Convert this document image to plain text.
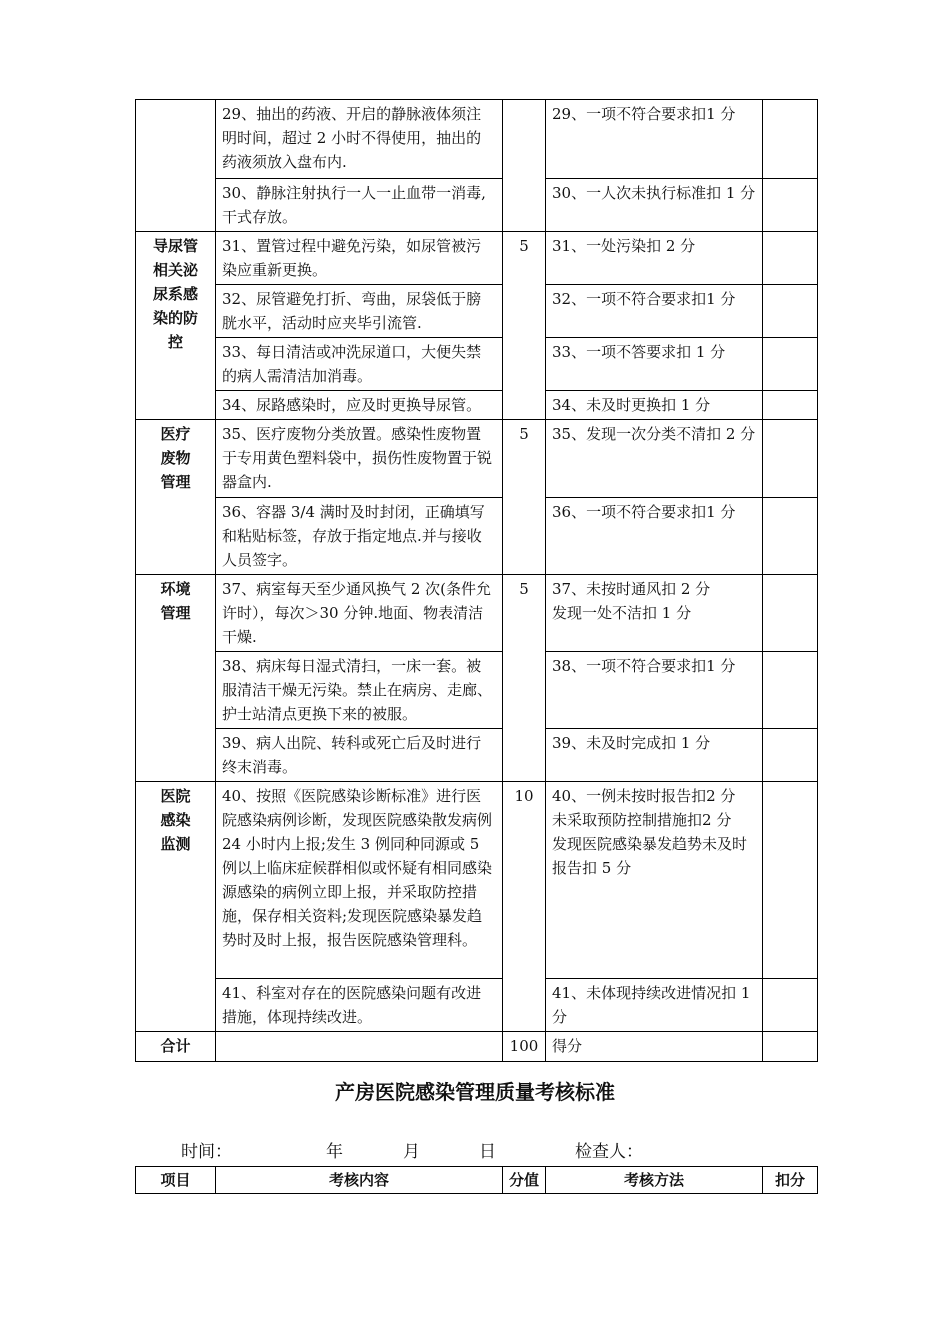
	29、抽出的药液、开启的静脉液体须注明时间，超过 2 小时不得使用，抽出的药液须放入盘布内.		29、一项不符合要求扣1 分	
	30、静脉注射执行一人一止血带一消毒,干式存放。		30、一人次未执行标准扣 1 分	
导尿管
相关泌
尿系感
染的防
控	31、置管过程中避免污染，如尿管被污染应重新更换。	5	31、一处污染扣 2 分	
	32、尿管避免打折、弯曲，尿袋低于膀胱水平，活动时应夹毕引流管.		32、一项不符合要求扣1 分	
	33、每日清洁或冲洗尿道口，大便失禁的病人需清洁加消毒。		33、一项不答要求扣 1 分	
	34、尿路感染时，应及时更换导尿管。		34、未及时更换扣 1 分	
医疗
废物
管理	35、医疗废物分类放置。感染性废物置于专用黄色塑料袋中，损伤性废物置于锐器盒内.	5	35、发现一次分类不清扣 2 分	
	36、容器 3/4 满时及时封闭，正确填写和粘贴标签，存放于指定地点.并与接收人员签字。		36、一项不符合要求扣1 分	
环境
管理	37、病室每天至少通风换气 2 次(条件允许时），每次＞30 分钟.地面、物表清洁干燥.	5	37、未按时通风扣 2 分
发现一处不洁扣 1 分	
	38、病床每日湿式清扫，一床一套。被服清洁干燥无污染。禁止在病房、走廊、护士站清点更换下来的被服。		38、一项不符合要求扣1 分	
	39、病人出院、转科或死亡后及时进行终末消毒。		39、未及时完成扣 1 分	
医院
感染
监测	40、按照《医院感染诊断标准》进行医院感染病例诊断，发现医院感染散发病例 24 小时内上报;发生 3 例同种同源或 5 例以上临床症候群相似或怀疑有相同感染源感染的病例立即上报，并采取防控措施，保存相关资料;发现医院感染暴发趋势时及时上报，报告医院感染管理科。	10	40、一例未按时报告扣2 分
未采取预防控制措施扣2 分
发现医院感染暴发趋势未及时报告扣 5 分	
	41、科室对存在的医院感染问题有改进措施，体现持续改进。		41、未体现持续改进情况扣 1 分	
合计		100	得分	
产房医院感染管理质量考核标准
时间：	年	月	日	检查人：
项目	考核内容	分值	考核方法	扣分
